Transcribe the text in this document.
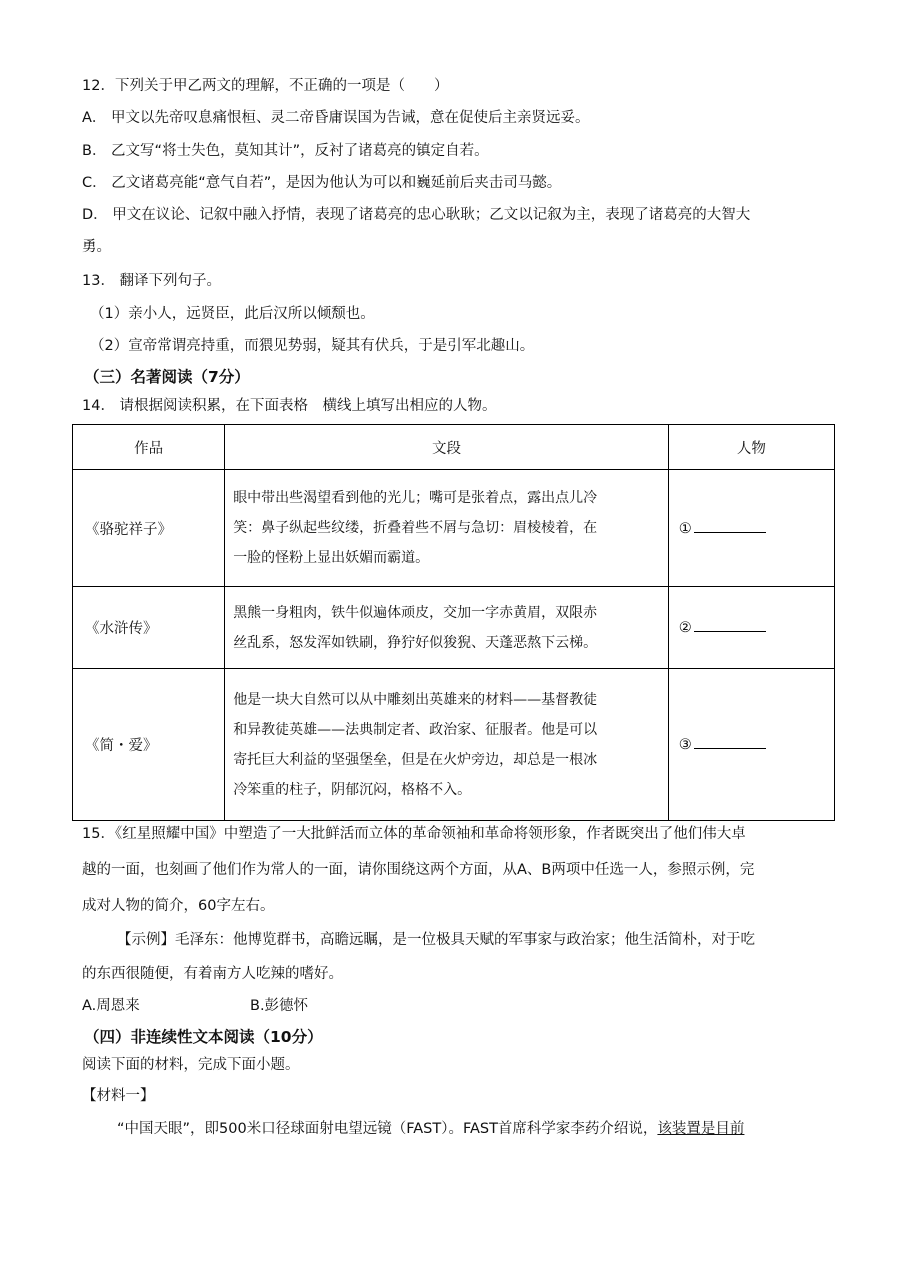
12．下列关于甲乙两文的理解，不正确的一项是（　　）
A． 甲文以先帝叹息痛恨桓、灵二帝昏庸误国为告诫，意在促使后主亲贤远妥。
B． 乙文写“将士失色，莫知其计”，反衬了诸葛亮的镇定自若。
C． 乙文诸葛亮能“意气自若”，是因为他认为可以和巍延前后夹击司马懿。
D． 甲文在议论、记叙中融入抒情，表现了诸葛亮的忠心耿耿；乙文以记叙为主，表现了诸葛亮的大智大
勇。
13． 翻译下列句子。
（1）亲小人，远贤臣，此后汉所以倾颓也。
（2）宣帝常谓亮持重，而猥见势弱，疑其有伏兵，于是引军北趣山。
（三）名著阅读（7分）
14． 请根据阅读积累，在下面表格　横线上填写出相应的人物。
作品	文段	人物
《骆驼祥子》	眼中带出些渴望看到他的光儿；嘴可是张着点，露出点儿冷
笑：鼻子纵起些纹缕，折叠着些不屑与急切：眉棱棱着，在
一脸的怪粉上显出妖媚而霸道。	①
《水浒传》	黑熊一身粗肉，铁牛似遍体顽皮，交加一字赤黄眉，双限赤
丝乱系，怒发浑如铁刷，狰狞好似狻猊、天蓬恶熬下云梯。	②
《简・爱》	他是一块大自然可以从中雕刻出英雄来的材料——基督教徒
和异教徒英雄——法典制定者、政治家、征服者。他是可以
寄托巨大利益的坚强堡垒，但是在火炉旁边，却总是一根冰
冷笨重的柱子，阴郁沉闷，格格不入。	③
15．《红星照耀中国》中塑造了一大批鲜活而立体的革命领袖和革命将领形象，作者既突出了他们伟大卓
越的一面，也刻画了他们作为常人的一面，请你围绕这两个方面，从A、B两项中任选一人，参照示例，完
成对人物的简介，60字左右。
【示例】毛泽东：他博览群书，高瞻远瞩，是一位极具天赋的军事家与政治家；他生活简朴，对于吃
的东西很随便，有着南方人吃辣的嗜好。
A.周恩来	B.彭德怀
（四）非连续性文本阅读（10分）
阅读下面的材料，完成下面小题。
【材料一】
“中国天眼”，即500米口径球面射电望远镜（FAST）。FAST首席科学家李药介绍说，该装置是目前
